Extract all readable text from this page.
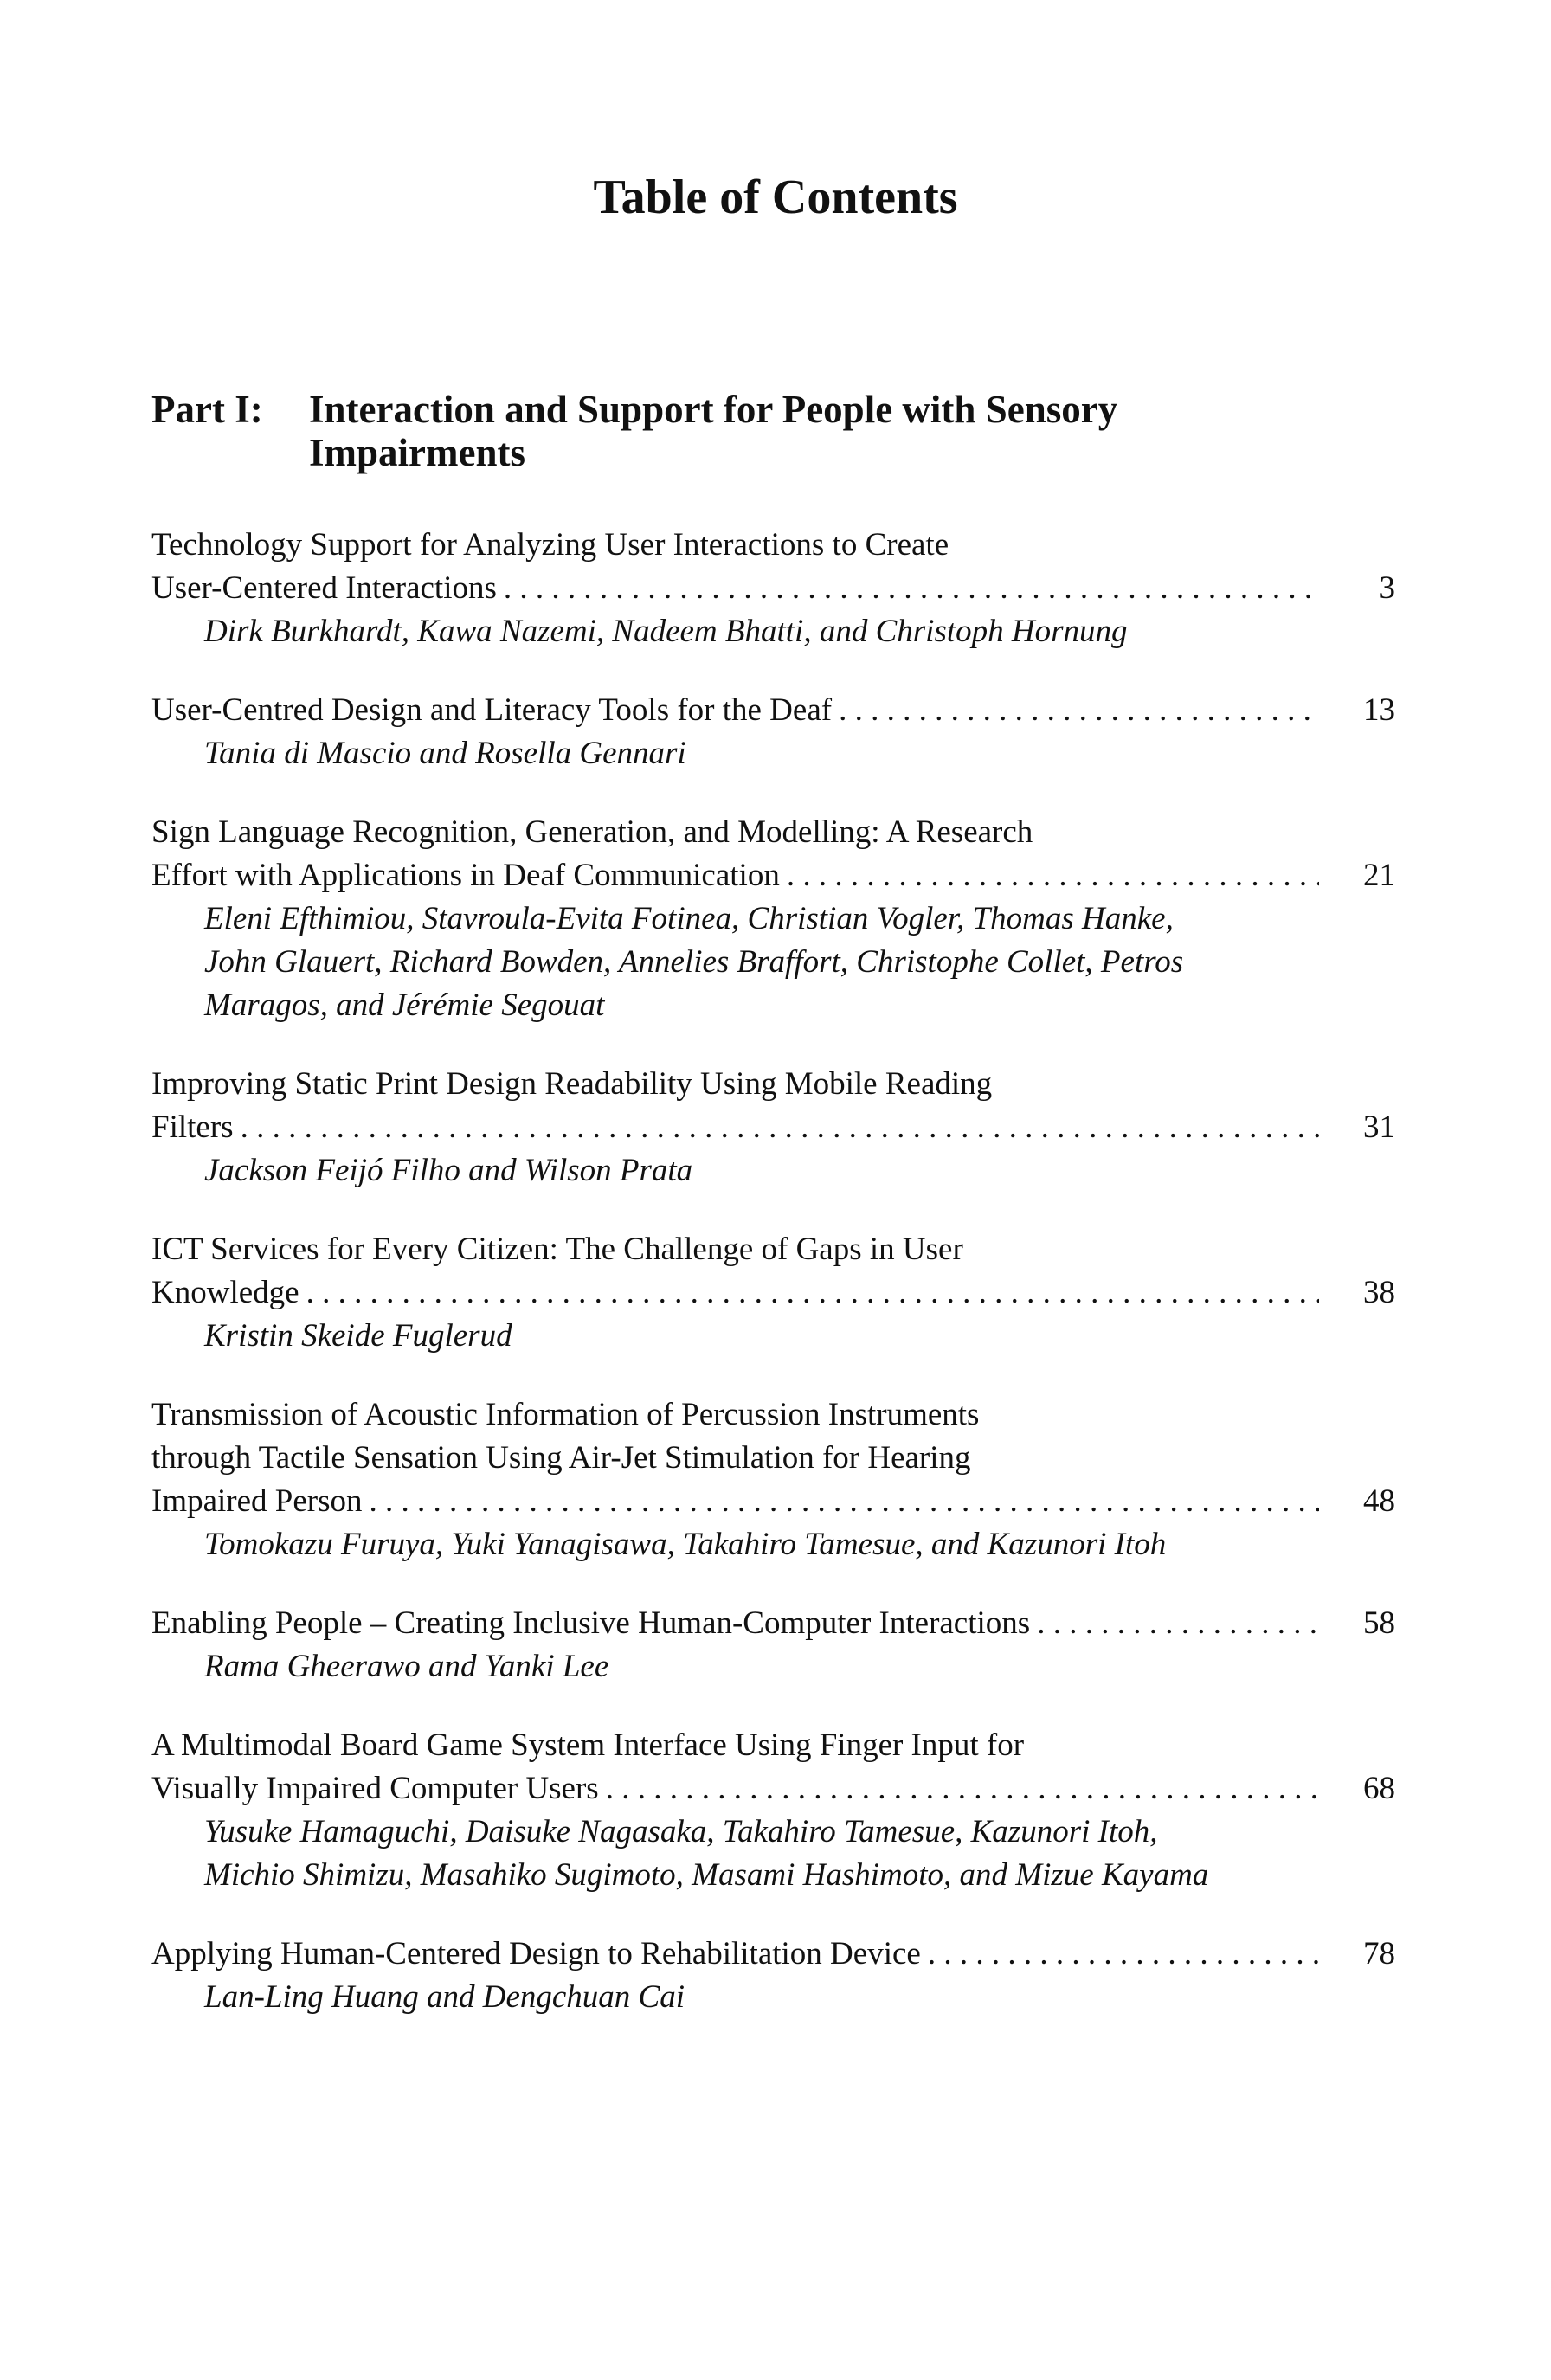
Table of Contents
Part I: Interaction and Support for People with Sensory Impairments
Technology Support for Analyzing User Interactions to Create
User-Centered Interactions . . .	3
Dirk Burkhardt, Kawa Nazemi, Nadeem Bhatti, and Christoph Hornung
User-Centred Design and Literacy Tools for the Deaf . . .	13
Tania di Mascio and Rosella Gennari
Sign Language Recognition, Generation, and Modelling: A Research
Effort with Applications in Deaf Communication . . .	21
Eleni Efthimiou, Stavroula-Evita Fotinea, Christian Vogler, Thomas Hanke, John Glauert, Richard Bowden, Annelies Braffort, Christophe Collet, Petros Maragos, and Jérémie Segouat
Improving Static Print Design Readability Using Mobile Reading
Filters . . .	31
Jackson Feijó Filho and Wilson Prata
ICT Services for Every Citizen: The Challenge of Gaps in User
Knowledge . . .	38
Kristin Skeide Fuglerud
Transmission of Acoustic Information of Percussion Instruments
through Tactile Sensation Using Air-Jet Stimulation for Hearing
Impaired Person . . .	48
Tomokazu Furuya, Yuki Yanagisawa, Takahiro Tamesue, and Kazunori Itoh
Enabling People – Creating Inclusive Human-Computer Interactions . . .	58
Rama Gheerawo and Yanki Lee
A Multimodal Board Game System Interface Using Finger Input for
Visually Impaired Computer Users . . .	68
Yusuke Hamaguchi, Daisuke Nagasaka, Takahiro Tamesue, Kazunori Itoh, Michio Shimizu, Masahiko Sugimoto, Masami Hashimoto, and Mizue Kayama
Applying Human-Centered Design to Rehabilitation Device . . .	78
Lan-Ling Huang and Dengchuan Cai
